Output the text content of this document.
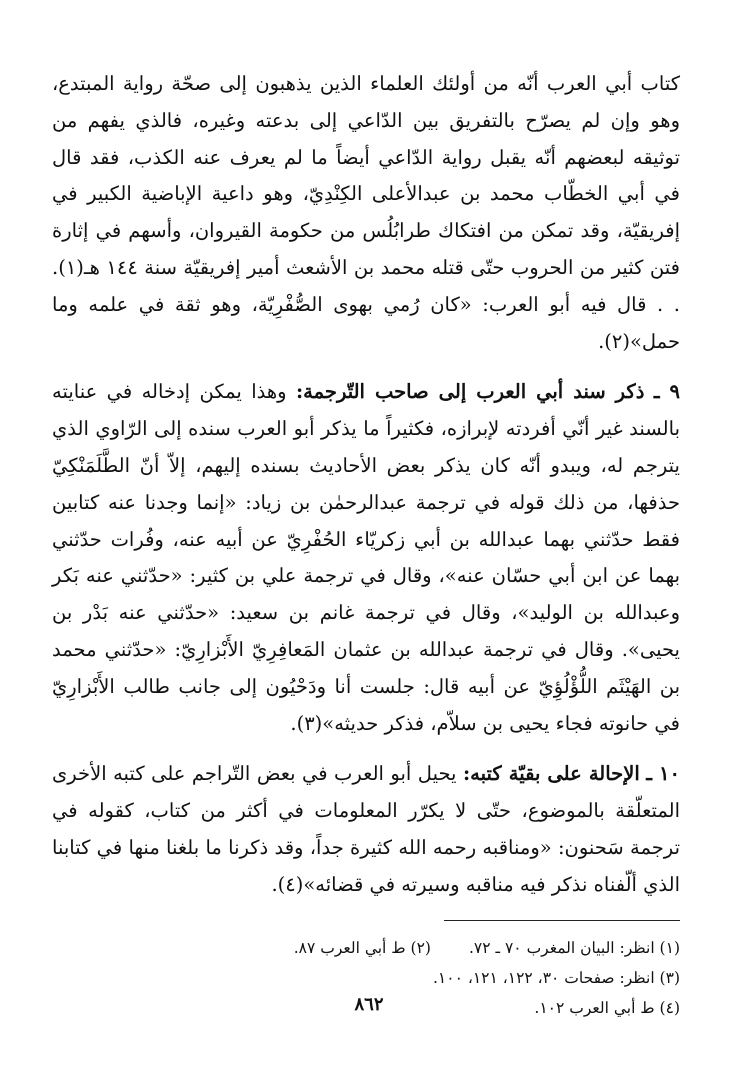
كتاب أبي العرب أنّه من أولئك العلماء الذين يذهبون إلى صحّة رواية المبتدع، وهو وإن لم يصرّح بالتفريق بين الدّاعي إلى بدعته وغيره، فالذي يفهم من توثيقه لبعضهم أنّه يقبل رواية الدّاعي أيضاً ما لم يعرف عنه الكذب، فقد قال في أبي الخطّاب محمد بن عبدالأعلى الكِنْدِيّ، وهو داعية الإباضية الكبير في إفريقيّة، وقد تمكن من افتكاك طرابُلُس من حكومة القيروان، وأسهم في إثارة فتن كثير من الحروب حتّى قتله محمد بن الأشعث أمير إفريقيّة سنة ١٤٤ هـ(١). . . قال فيه أبو العرب: «كان رُمي بهوى الصُّفْرِيّة، وهو ثقة في علمه وما حمل»(٢).

٩ ـ ذكر سند أبي العرب إلى صاحب التّرجمة: وهذا يمكن إدخاله في عنايته بالسند غير أنّي أفردته لإبرازه، فكثيراً ما يذكر أبو العرب سنده إلى الرّاوي الذي يترجم له، ويبدو أنّه كان يذكر بعض الأحاديث بسنده إليهم، إلاّ أنّ الطَّلَمَنْكِيّ حذفها، من ذلك قوله في ترجمة عبدالرحمٰن بن زياد: «إنما وجدنا عنه كتابين فقط حدّثني بهما عبدالله بن أبي زكريّاء الحُفْرِيّ عن أبيه عنه، وفُرات حدّثني بهما عن ابن أبي حسّان عنه»، وقال في ترجمة علي بن كثير: «حدّثني عنه بَكر وعبدالله بن الوليد»، وقال في ترجمة غانم بن سعيد: «حدّثني عنه بَدْر بن يحيى». وقال في ترجمة عبدالله بن عثمان المَعافِرِيّ الأَبْزارِيّ: «حدّثني محمد بن الهَيْثَم اللُّؤْلُؤِيّ عن أبيه قال: جلست أنا ودَحْيُون إلى جانب طالب الأَبْزارِيّ في حانوته فجاء يحيى بن سلاّم، فذكر حديثه»(٣).

١٠ ـ الإحالة على بقيّة كتبه: يحيل أبو العرب في بعض التّراجم على كتبه الأخرى المتعلّقة بالموضوع، حتّى لا يكرّر المعلومات في أكثر من كتاب، كقوله في ترجمة سَحنون: «ومناقبه رحمه الله كثيرة جداً، وقد ذكرنا ما بلغنا منها في كتابنا الذي ألّفناه نذكر فيه مناقبه وسيرته في قضائه»(٤).

(١) انظر: البيان المغرب ٧٠ ـ ٧٢.
(٢) ط أبي العرب ٨٧.
(٣) انظر: صفحات ٣٠، ١٢٢، ١٢١، ١٠٠.
(٤) ط أبي العرب ١٠٢.
٨٦٢
